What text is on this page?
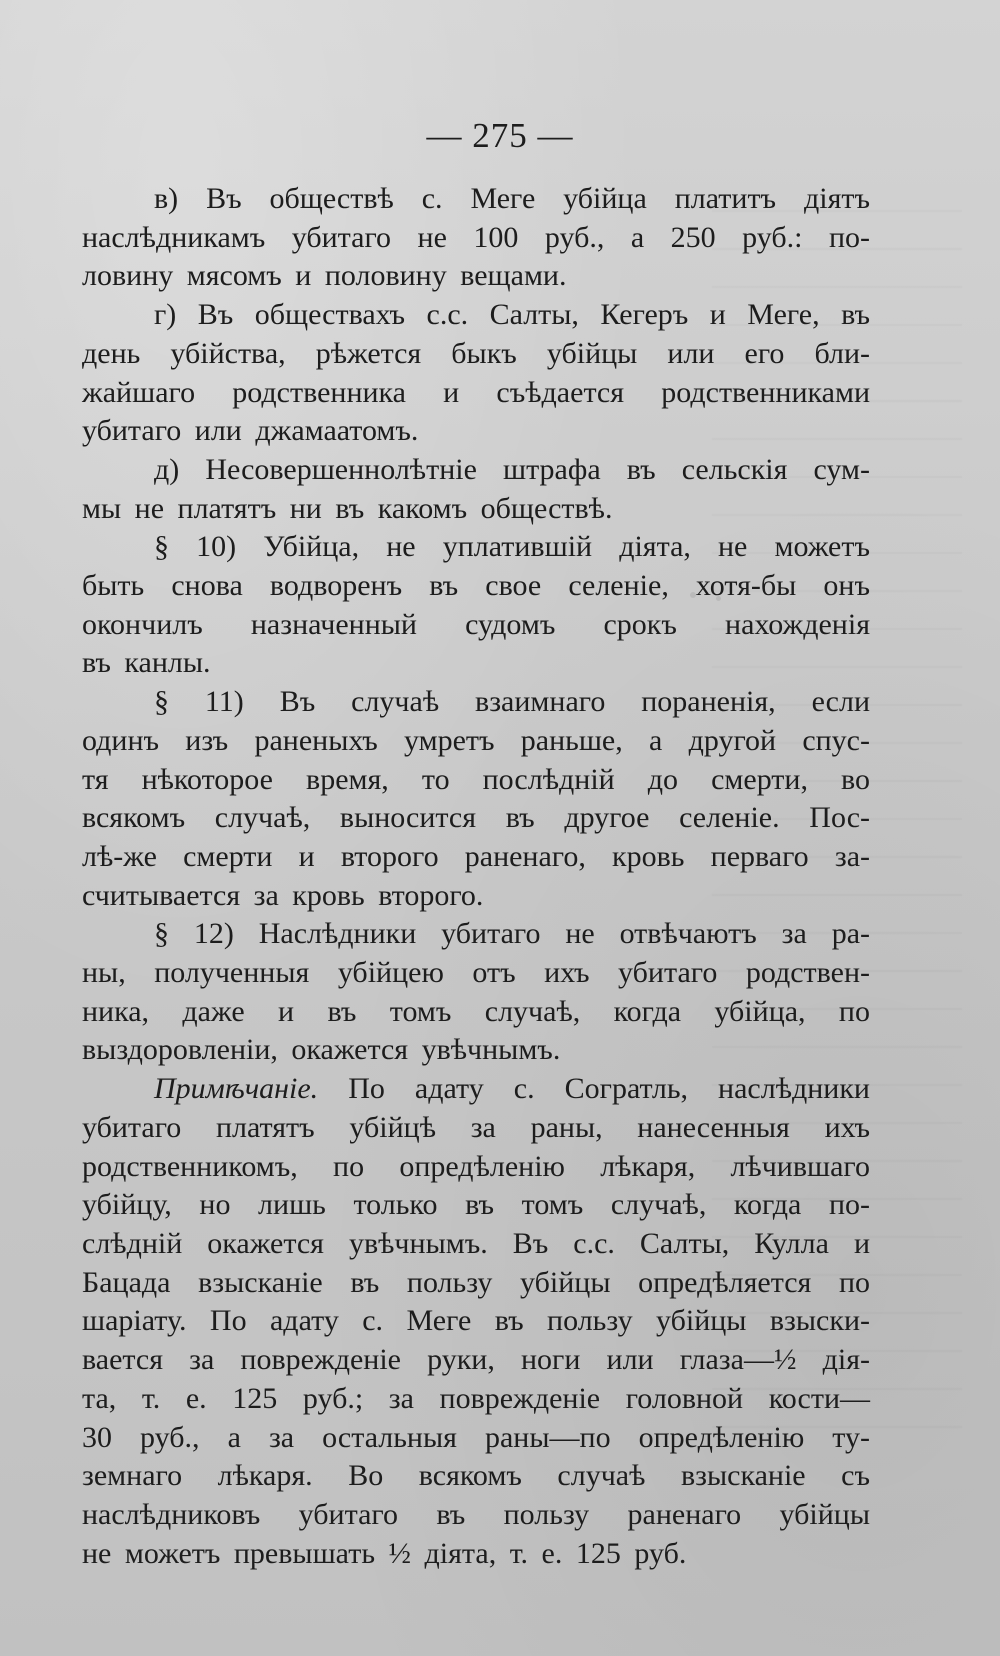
— 275 —

в) Въ обществѣ с. Меге убійца платитъ діятъ
наслѣдникамъ убитаго не 100 руб., а 250 руб.: по-
ловину мясомъ и половину вещами.

г) Въ обществахъ с.с. Салты, Кегеръ и Меге, въ
день убійства, рѣжется быкъ убійцы или его бли-
жайшаго родственника и съѣдается родственниками
убитаго или джамаатомъ.

д) Несовершеннолѣтніе штрафа въ сельскія сум-
мы не платятъ ни въ какомъ обществѣ.

§ 10) Убійца, не уплатившій діята, не можетъ
быть снова водворенъ въ свое селеніе, хотя-бы онъ
окончилъ назначенный судомъ срокъ нахожденія
въ канлы.

§ 11) Въ случаѣ взаимнаго пораненія, если
одинъ изъ раненыхъ умретъ раньше, а другой спус-
тя нѣкоторое время, то послѣдній до смерти, во
всякомъ случаѣ, выносится въ другое селеніе. Пос-
лѣ-же смерти и второго раненаго, кровь перваго за-
считывается за кровь второго.

§ 12) Наслѣдники убитаго не отвѣчаютъ за ра-
ны, полученныя убійцею отъ ихъ убитаго родствен-
ника, даже и въ томъ случаѣ, когда убійца, по
выздоровленіи, окажется увѣчнымъ.

Примѣчаніе. По адату с. Согратль, наслѣдники
убитаго платятъ убійцѣ за раны, нанесенныя ихъ
родственникомъ, по опредѣленію лѣкаря, лѣчившаго
убійцу, но лишь только въ томъ случаѣ, когда по-
слѣдній окажется увѣчнымъ. Въ с.с. Салты, Кулла и
Бацада взысканіе въ пользу убійцы опредѣляется по
шаріату. По адату с. Меге въ пользу убійцы взыски-
вается за поврежденіе руки, ноги или глаза—½ дія-
та, т. е. 125 руб.; за поврежденіе головной кости—
30 руб., а за остальныя раны—по опредѣленію ту-
земнаго лѣкаря. Во всякомъ случаѣ взысканіе съ
наслѣдниковъ убитаго въ пользу раненаго убійцы
не можетъ превышать ½ діята, т. е. 125 руб.
